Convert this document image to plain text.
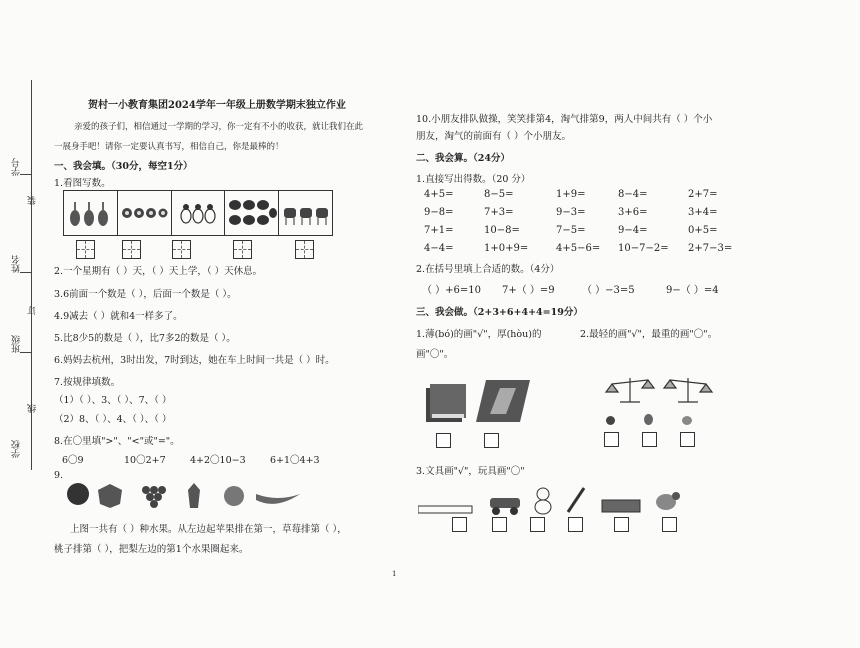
学号
姓名
班级
学校
装
订
线
贺村一小教育集团2024学年一年级上册数学期末独立作业
亲爱的孩子们，相信通过一学期的学习，你一定有不小的收获，就让我们在此
一展身手吧！请你一定要认真书写，相信自己，你是最棒的！
一、我会填。（30分，每空1分）
1.看图写数。
2.一个星期有（ ）天，（ ）天上学，（ ）天休息。
3.6前面一个数是（ ），后面一个数是（ ）。
4.9减去（ ）就和4一样多了。
5.比8少5的数是（ ），比7多2的数是（ ）。
6.妈妈去杭州，3时出发，7时到达，她在车上时间一共是（ ）时。
7.按规律填数。
（1）（ ）、3、（ ）、7、（ ）
（2）8、（ ）、4、（ ）、（ ）
8.在〇里填">"、"<"或"="。
6〇9	10〇2+7	4+2〇10−3	6+1〇4+3
9.
上图一共有（ ）种水果。从左边起苹果排在第一，草莓排第（ ），
桃子排第（ ），把梨左边的第1个水果圈起来。
10.小朋友排队做操，笑笑排第4，淘气排第9，两人中间共有（ ）个小
朋友，淘气的前面有（ ）个小朋友。
二、我会算。（24分）
1.直接写出得数。（20 分）
4+5=	8−5=	1+9=	8−4=	2+7=
9−8=	7+3=	9−3=	3+6=	3+4=
7+1=	10−8=	7−5=	9−4=	0+5=
4−4=	1+0+9=	4+5−6= 10−7−2= 2+7−3=
2.在括号里填上合适的数。（4分）
（ ）+6=10 7+（ ）=9	（ ）−3=5	9−（ ）=4
三、我会做。（2+3+6+4+4=19分）
1.薄(bó)的画"√"，厚(hòu)的
画"〇"。
2.最轻的画"√"，最重的画"〇"。
3.文具画"√"，玩具画"〇"
1
